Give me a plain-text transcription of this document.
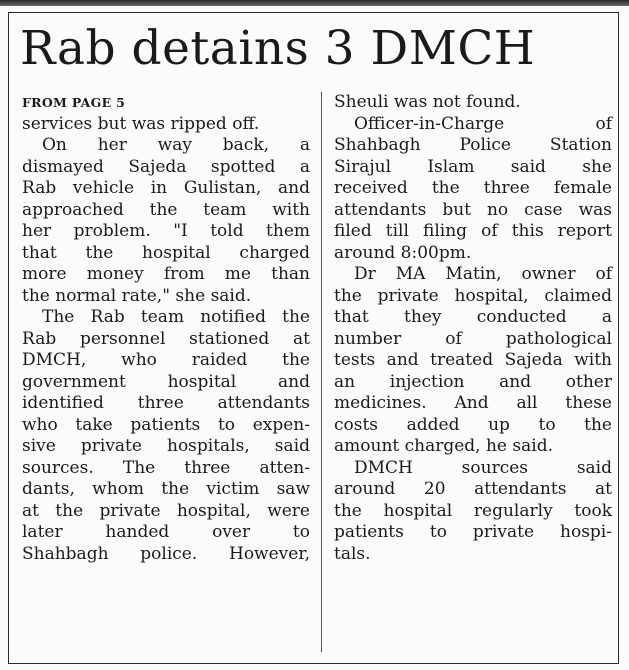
Rab detains 3 DMCH
FROM PAGE 5
services but was ripped off.
On her way back, a
dismayed Sajeda spotted a
Rab vehicle in Gulistan, and
approached the team with
her problem. "I told them
that the hospital charged
more money from me than
the normal rate," she said.
The Rab team notified the
Rab personnel stationed at
DMCH, who raided the
government hospital and
identified three attendants
who take patients to expen-
sive private hospitals, said
sources. The three atten-
dants, whom the victim saw
at the private hospital, were
later handed over to
Shahbagh police. However,
Sheuli was not found.
Officer-in-Charge of
Shahbagh Police Station
Sirajul Islam said she
received the three female
attendants but no case was
filed till filing of this report
around 8:00pm.
Dr MA Matin, owner of
the private hospital, claimed
that they conducted a
number of pathological
tests and treated Sajeda with
an injection and other
medicines. And all these
costs added up to the
amount charged, he said.
DMCH sources said
around 20 attendants at
the hospital regularly took
patients to private hospi-
tals.
